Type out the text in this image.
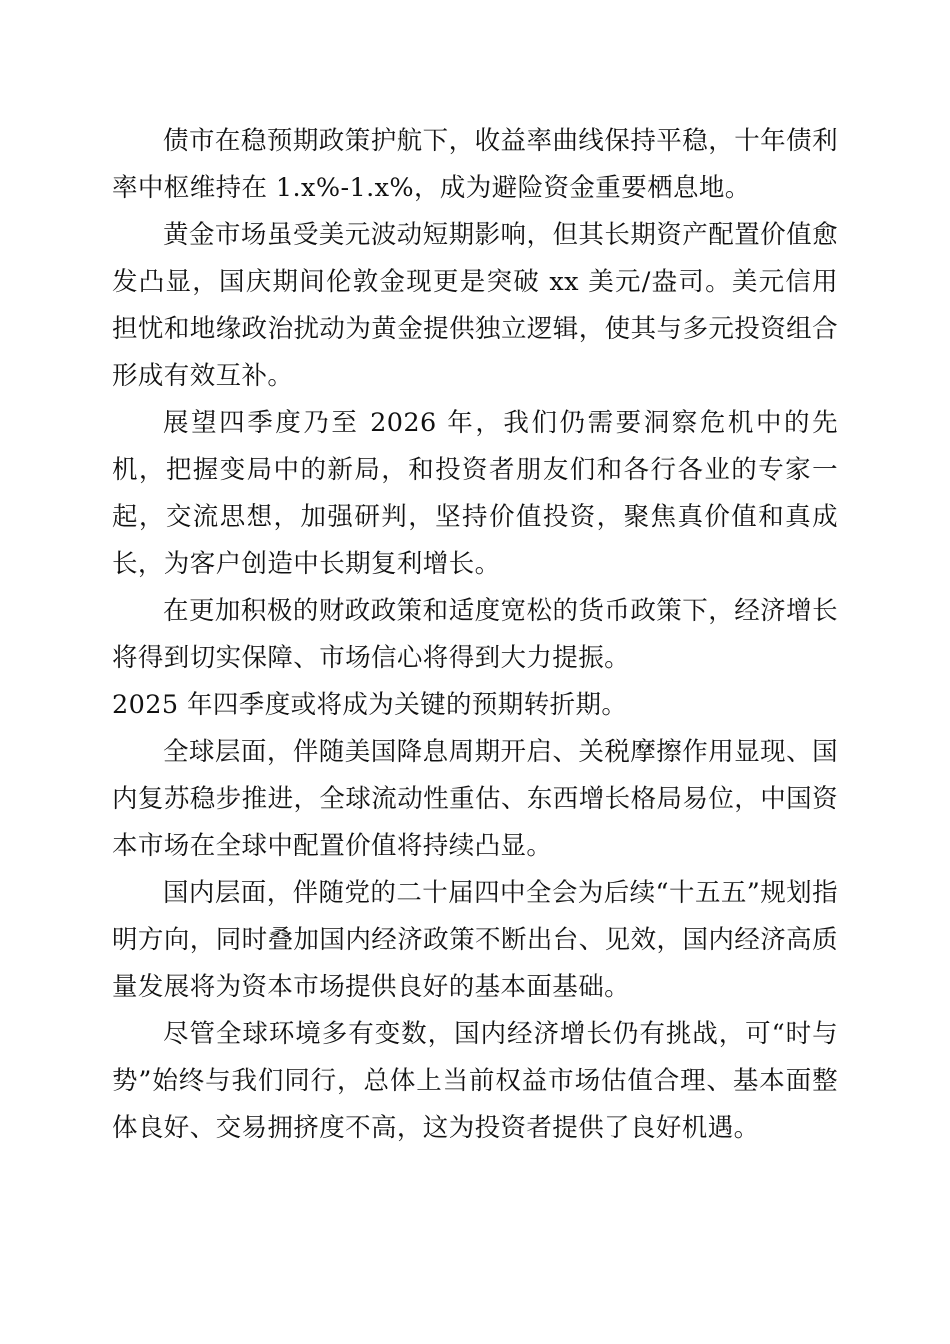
债市在稳预期政策护航下，收益率曲线保持平稳，十年债利率中枢维持在 1.x%-1.x%，成为避险资金重要栖息地。

黄金市场虽受美元波动短期影响，但其长期资产配置价值愈发凸显，国庆期间伦敦金现更是突破 xx 美元/盎司。美元信用担忧和地缘政治扰动为黄金提供独立逻辑，使其与多元投资组合形成有效互补。

展望四季度乃至 2026 年，我们仍需要洞察危机中的先机，把握变局中的新局，和投资者朋友们和各行各业的专家一起，交流思想，加强研判，坚持价值投资，聚焦真价值和真成长，为客户创造中长期复利增长。

在更加积极的财政政策和适度宽松的货币政策下，经济增长将得到切实保障、市场信心将得到大力提振。

2025 年四季度或将成为关键的预期转折期。

全球层面，伴随美国降息周期开启、关税摩擦作用显现、国内复苏稳步推进，全球流动性重估、东西增长格局易位，中国资本市场在全球中配置价值将持续凸显。

国内层面，伴随党的二十届四中全会为后续“十五五”规划指明方向，同时叠加国内经济政策不断出台、见效，国内经济高质量发展将为资本市场提供良好的基本面基础。

尽管全球环境多有变数，国内经济增长仍有挑战，可“时与势”始终与我们同行，总体上当前权益市场估值合理、基本面整体良好、交易拥挤度不高，这为投资者提供了良好机遇。
